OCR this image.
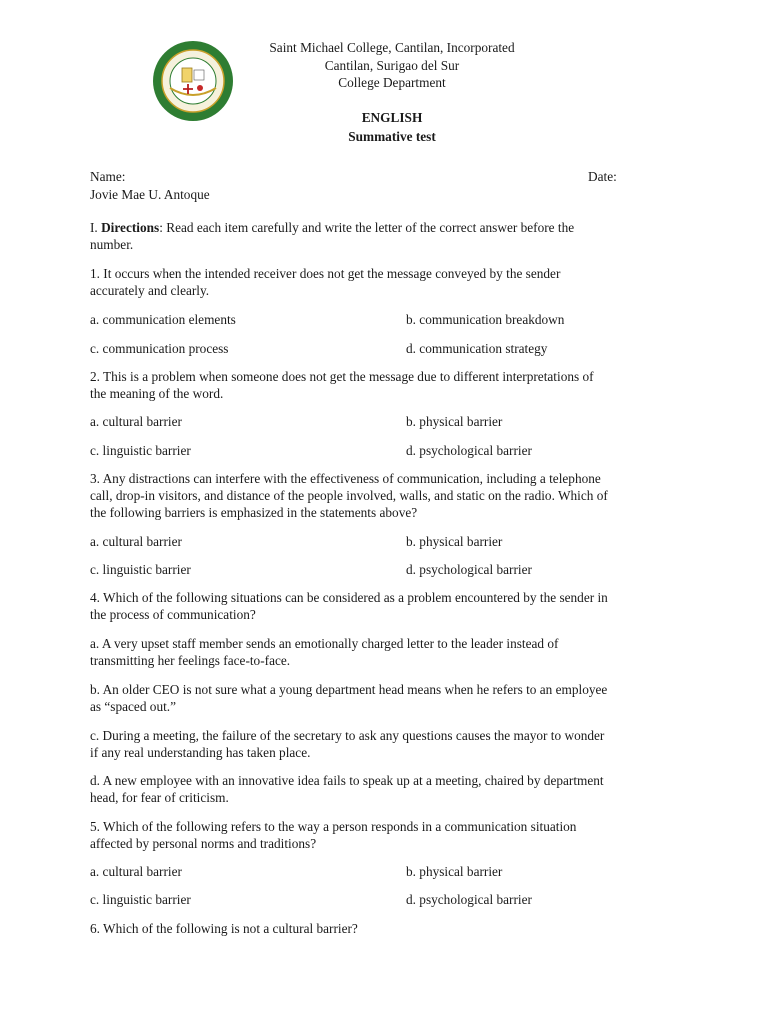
Saint Michael College, Cantilan, Incorporated
Cantilan, Surigao del Sur
College Department
ENGLISH
Summative test
Name:	Date:
Jovie Mae U. Antoque
I. Directions: Read each item carefully and write the letter of the correct answer before the
number.
1. It occurs when the intended receiver does not get the message conveyed by the sender
accurately and clearly.
a. communication elements	b. communication breakdown
c. communication process	d. communication strategy
2. This is a problem when someone does not get the message due to different interpretations of
the meaning of the word.
a. cultural barrier	b. physical barrier
c. linguistic barrier	d. psychological barrier
3. Any distractions can interfere with the effectiveness of communication, including a telephone
call, drop-in visitors, and distance of the people involved, walls, and static on the radio. Which of
the following barriers is emphasized in the statements above?
a. cultural barrier	b. physical barrier
c. linguistic barrier	d. psychological barrier
4. Which of the following situations can be considered as a problem encountered by the sender in
the process of communication?
a. A very upset staff member sends an emotionally charged letter to the leader instead of
transmitting her feelings face-to-face.
b. An older CEO is not sure what a young department head means when he refers to an employee
as “spaced out.”
c. During a meeting, the failure of the secretary to ask any questions causes the mayor to wonder
if any real understanding has taken place.
d. A new employee with an innovative idea fails to speak up at a meeting, chaired by department
head, for fear of criticism.
5. Which of the following refers to the way a person responds in a communication situation
affected by personal norms and traditions?
a. cultural barrier	b. physical barrier
c. linguistic barrier	d. psychological barrier
6. Which of the following is not a cultural barrier?
